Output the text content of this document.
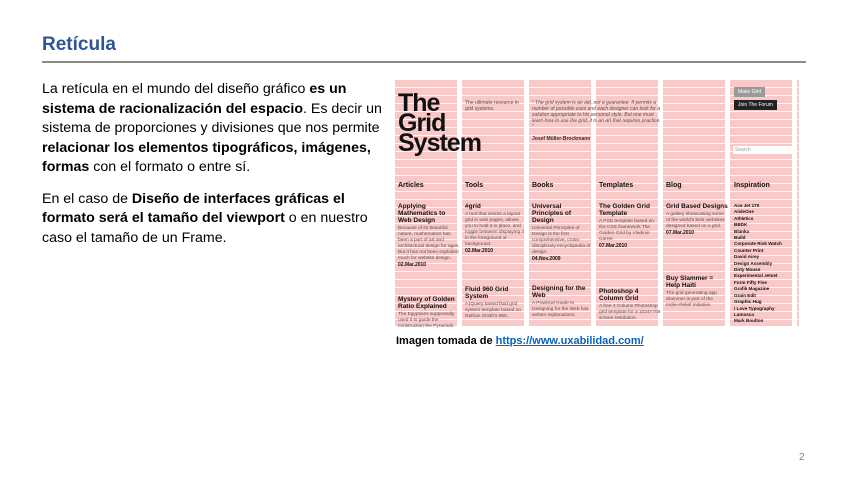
Retícula

La retícula en el mundo del diseño gráfico es un sistema de racionalización del espacio. Es decir un sistema de proporciones y divisiones que nos permite relacionar los elementos tipográficos, imágenes, formas con el formato o entre sí.

En el caso de Diseño de interfaces gráficas el formato será el tamaño del viewport o en nuestro caso el tamaño de un Frame.

The
Grid
System
The ultimate resource in grid systems.
" The grid system is an aid, not a guarantee. It permits a number of possible uses and each designer can look for a solution appropriate to his personal style. But one must learn how to use the grid; it is an art that requires practice. "
Josef Müller-Brockmann
Make Grid
Join The Forum
Search
Articles
Applying Mathematics to Web Design
Because of its beautiful nature, mathematics has been a part of art and architectural design for ages. But it has not been exploited much for website design.
02.Mar.2010
Mystery of Golden Ratio Explained
The Egyptians supposedly used it to guide the construction the Pyramids.
Tools
#grid
A tool that inserts a layout grid in web pages, allows you to hold it in place, and toggle between displaying it in the foreground or background.
02.Mar.2010
Fluid 960 Grid System
A jQuery based fluid grid system template based on Nathan Smith's 960.
Books
Universal Principles of Design
Universal Principles of Design is the first comprehensive, cross-disciplinary encyclopedia of design.
04.Nov.2009
Designing for the Web
A Practical Guide to Designing for the Web has written explanations.
Templates
The Golden Grid Template
A PSD template based on the CSS framework The Golden Grid by Vladimir Carrer.
07.Mar.2010
Photoshop 4 Column Grid
A free 4 Column Photoshop grid template for a 1024×768 screen resolution.
Blog
Grid Based Designs
A gallery showcasing some of the world's best websites designed based on a grid.
07.Mar.2010
Buy Slammer = Help Haiti
The grid generating app Slammer is part of the Indie+Relief initiative.
Inspiration
Ace Jet 170
AisleOne
Athletics
BBDK
Blanka
Build
Corporate Risk Watch
Counter Print
David Airey
Design Assembly
Dirty Mouse
Experimental Jetset
Form Fifty Five
Grafik Magazine
Grain Edit
Graphic Hug
I Love Typography
Lamosca
Mark Boulton
Imagen tomada de https://www.uxabilidad.com/
2
